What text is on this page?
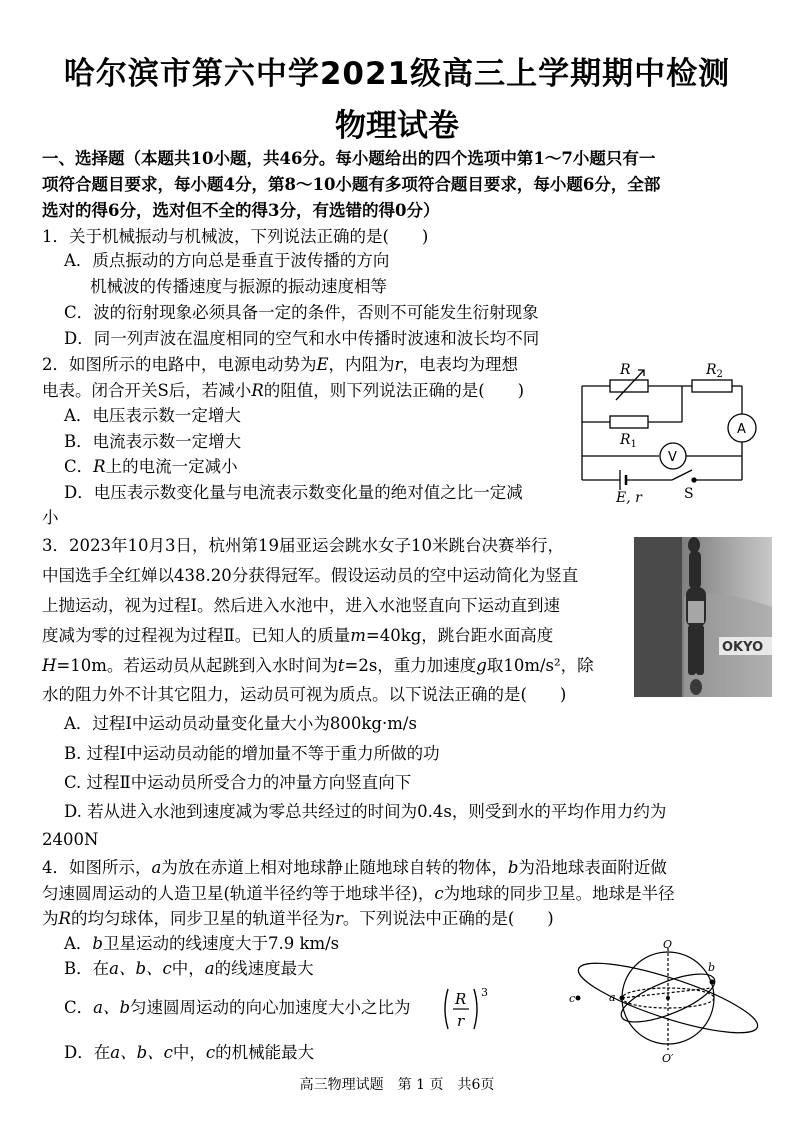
哈尔滨市第六中学2021级高三上学期期中检测
物理试卷
一、选择题（本题共10小题，共46分。每小题给出的四个选项中第1～7小题只有一
项符合题目要求，每小题4分，第8～10小题有多项符合题目要求，每小题6分，全部
选对的得6分，选对但不全的得3分，有选错的得0分）
1．关于机械振动与机械波，下列说法正确的是(　　)
A．质点振动的方向总是垂直于波传播的方向
机械波的传播速度与振源的振动速度相等
C．波的衍射现象必须具备一定的条件，否则不可能发生衍射现象
D．同一列声波在温度相同的空气和水中传播时波速和波长均不同
2．如图所示的电路中，电源电动势为E，内阻为r，电表均为理想
电表。闭合开关S后，若减小R的阻值，则下列说法正确的是(　　)
A．电压表示数一定增大
B．电流表示数一定增大
C．R上的电流一定减小
D．电压表示数变化量与电流表示数变化量的绝对值之比一定减
小
R	$R_2$
$R_1$
A
V
E, r	S
3．2023年10月3日，杭州第19届亚运会跳水女子10米跳台决赛举行，
中国选手全红婵以438.20分获得冠军。假设运动员的空中运动简化为竖直
上抛运动，视为过程Ⅰ。然后进入水池中，进入水池竖直向下运动直到速
度减为零的过程视为过程Ⅱ。已知人的质量m=40kg，跳台距水面高度
H=10m。若运动员从起跳到入水时间为t=2s，重力加速度g取10m/s²，除
水的阻力外不计其它阻力，运动员可视为质点。以下说法正确的是(　　)
A．过程Ⅰ中运动员动量变化量大小为800kg·m/s
B. 过程Ⅰ中运动员动能的增加量不等于重力所做的功
C. 过程Ⅱ中运动员所受合力的冲量方向竖直向下
D. 若从进入水池到速度减为零总共经过的时间为0.4s，则受到水的平均作用力约为
2400N
OKYO
4．如图所示，a为放在赤道上相对地球静止随地球自转的物体，b为沿地球表面附近做
匀速圆周运动的人造卫星(轨道半径约等于地球半径)，c为地球的同步卫星。地球是半径
为R的均匀球体，同步卫星的轨道半径为r。下列说法中正确的是(　　)
A．b卫星运动的线速度大于7.9 km/s
B．在a、b、c中，a的线速度最大
C．a、b匀速圆周运动的向心加速度大小之比为	R
r
3
D．在a、b、c中，c的机械能最大
O
O′
a
b
c
高三物理试题　第 1 页　共6页
